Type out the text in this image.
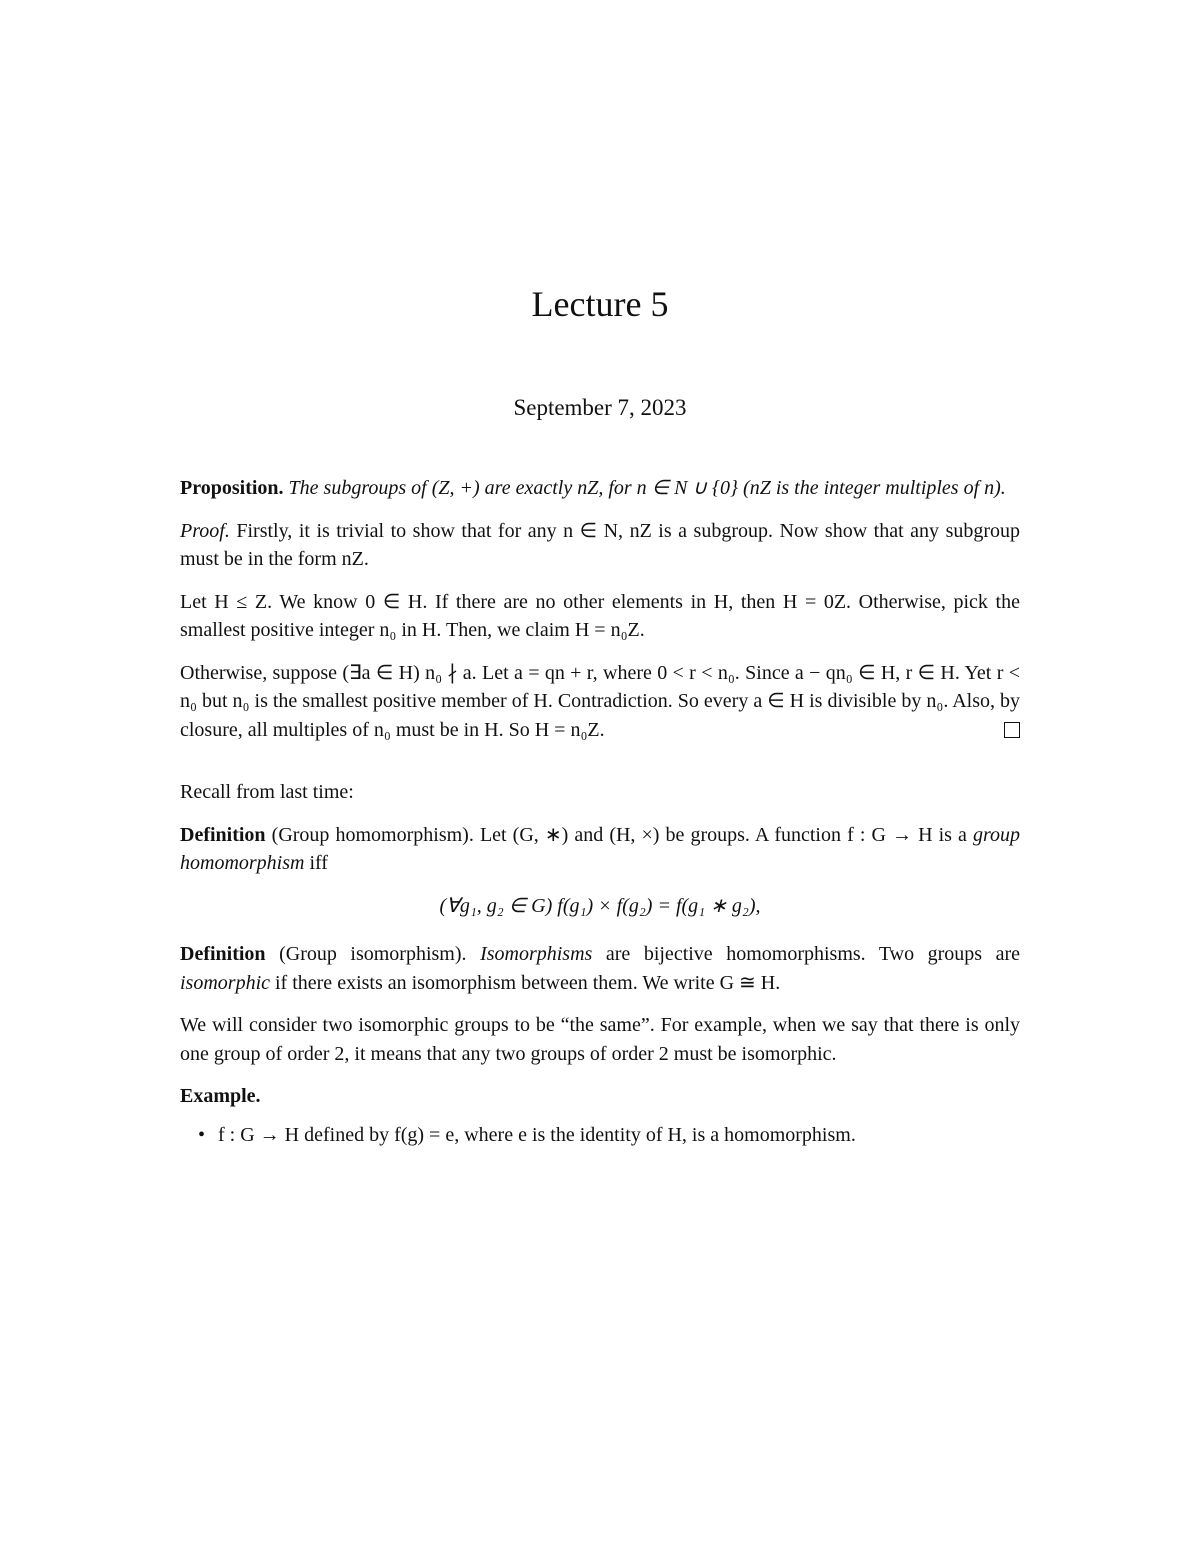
Lecture 5
September 7, 2023

Proposition. The subgroups of (Z, +) are exactly nZ, for n ∈ N ∪ {0} (nZ is the integer multiples of n).

Proof. Firstly, it is trivial to show that for any n ∈ N, nZ is a subgroup. Now show that any subgroup must be in the form nZ.

Let H ≤ Z. We know 0 ∈ H. If there are no other elements in H, then H = 0Z. Otherwise, pick the smallest positive integer n₀ in H. Then, we claim H = n₀Z.

Otherwise, suppose (∃a ∈ H) n₀ ∤ a. Let a = qn + r, where 0 < r < n₀. Since a − qn₀ ∈ H, r ∈ H. Yet r < n₀ but n₀ is the smallest positive member of H. Contradiction. So every a ∈ H is divisible by n₀. Also, by closure, all multiples of n₀ must be in H. So H = n₀Z.

Recall from last time:

Definition (Group homomorphism). Let (G, ∗) and (H, ×) be groups. A function f : G → H is a group homomorphism iff

(∀g₁, g₂ ∈ G) f(g₁) × f(g₂) = f(g₁ ∗ g₂),

Definition (Group isomorphism). Isomorphisms are bijective homomorphisms. Two groups are isomorphic if there exists an isomorphism between them. We write G ≅ H.

We will consider two isomorphic groups to be “the same”. For example, when we say that there is only one group of order 2, it means that any two groups of order 2 must be isomorphic.

Example.

• f : G → H defined by f(g) = e, where e is the identity of H, is a homomorphism.
